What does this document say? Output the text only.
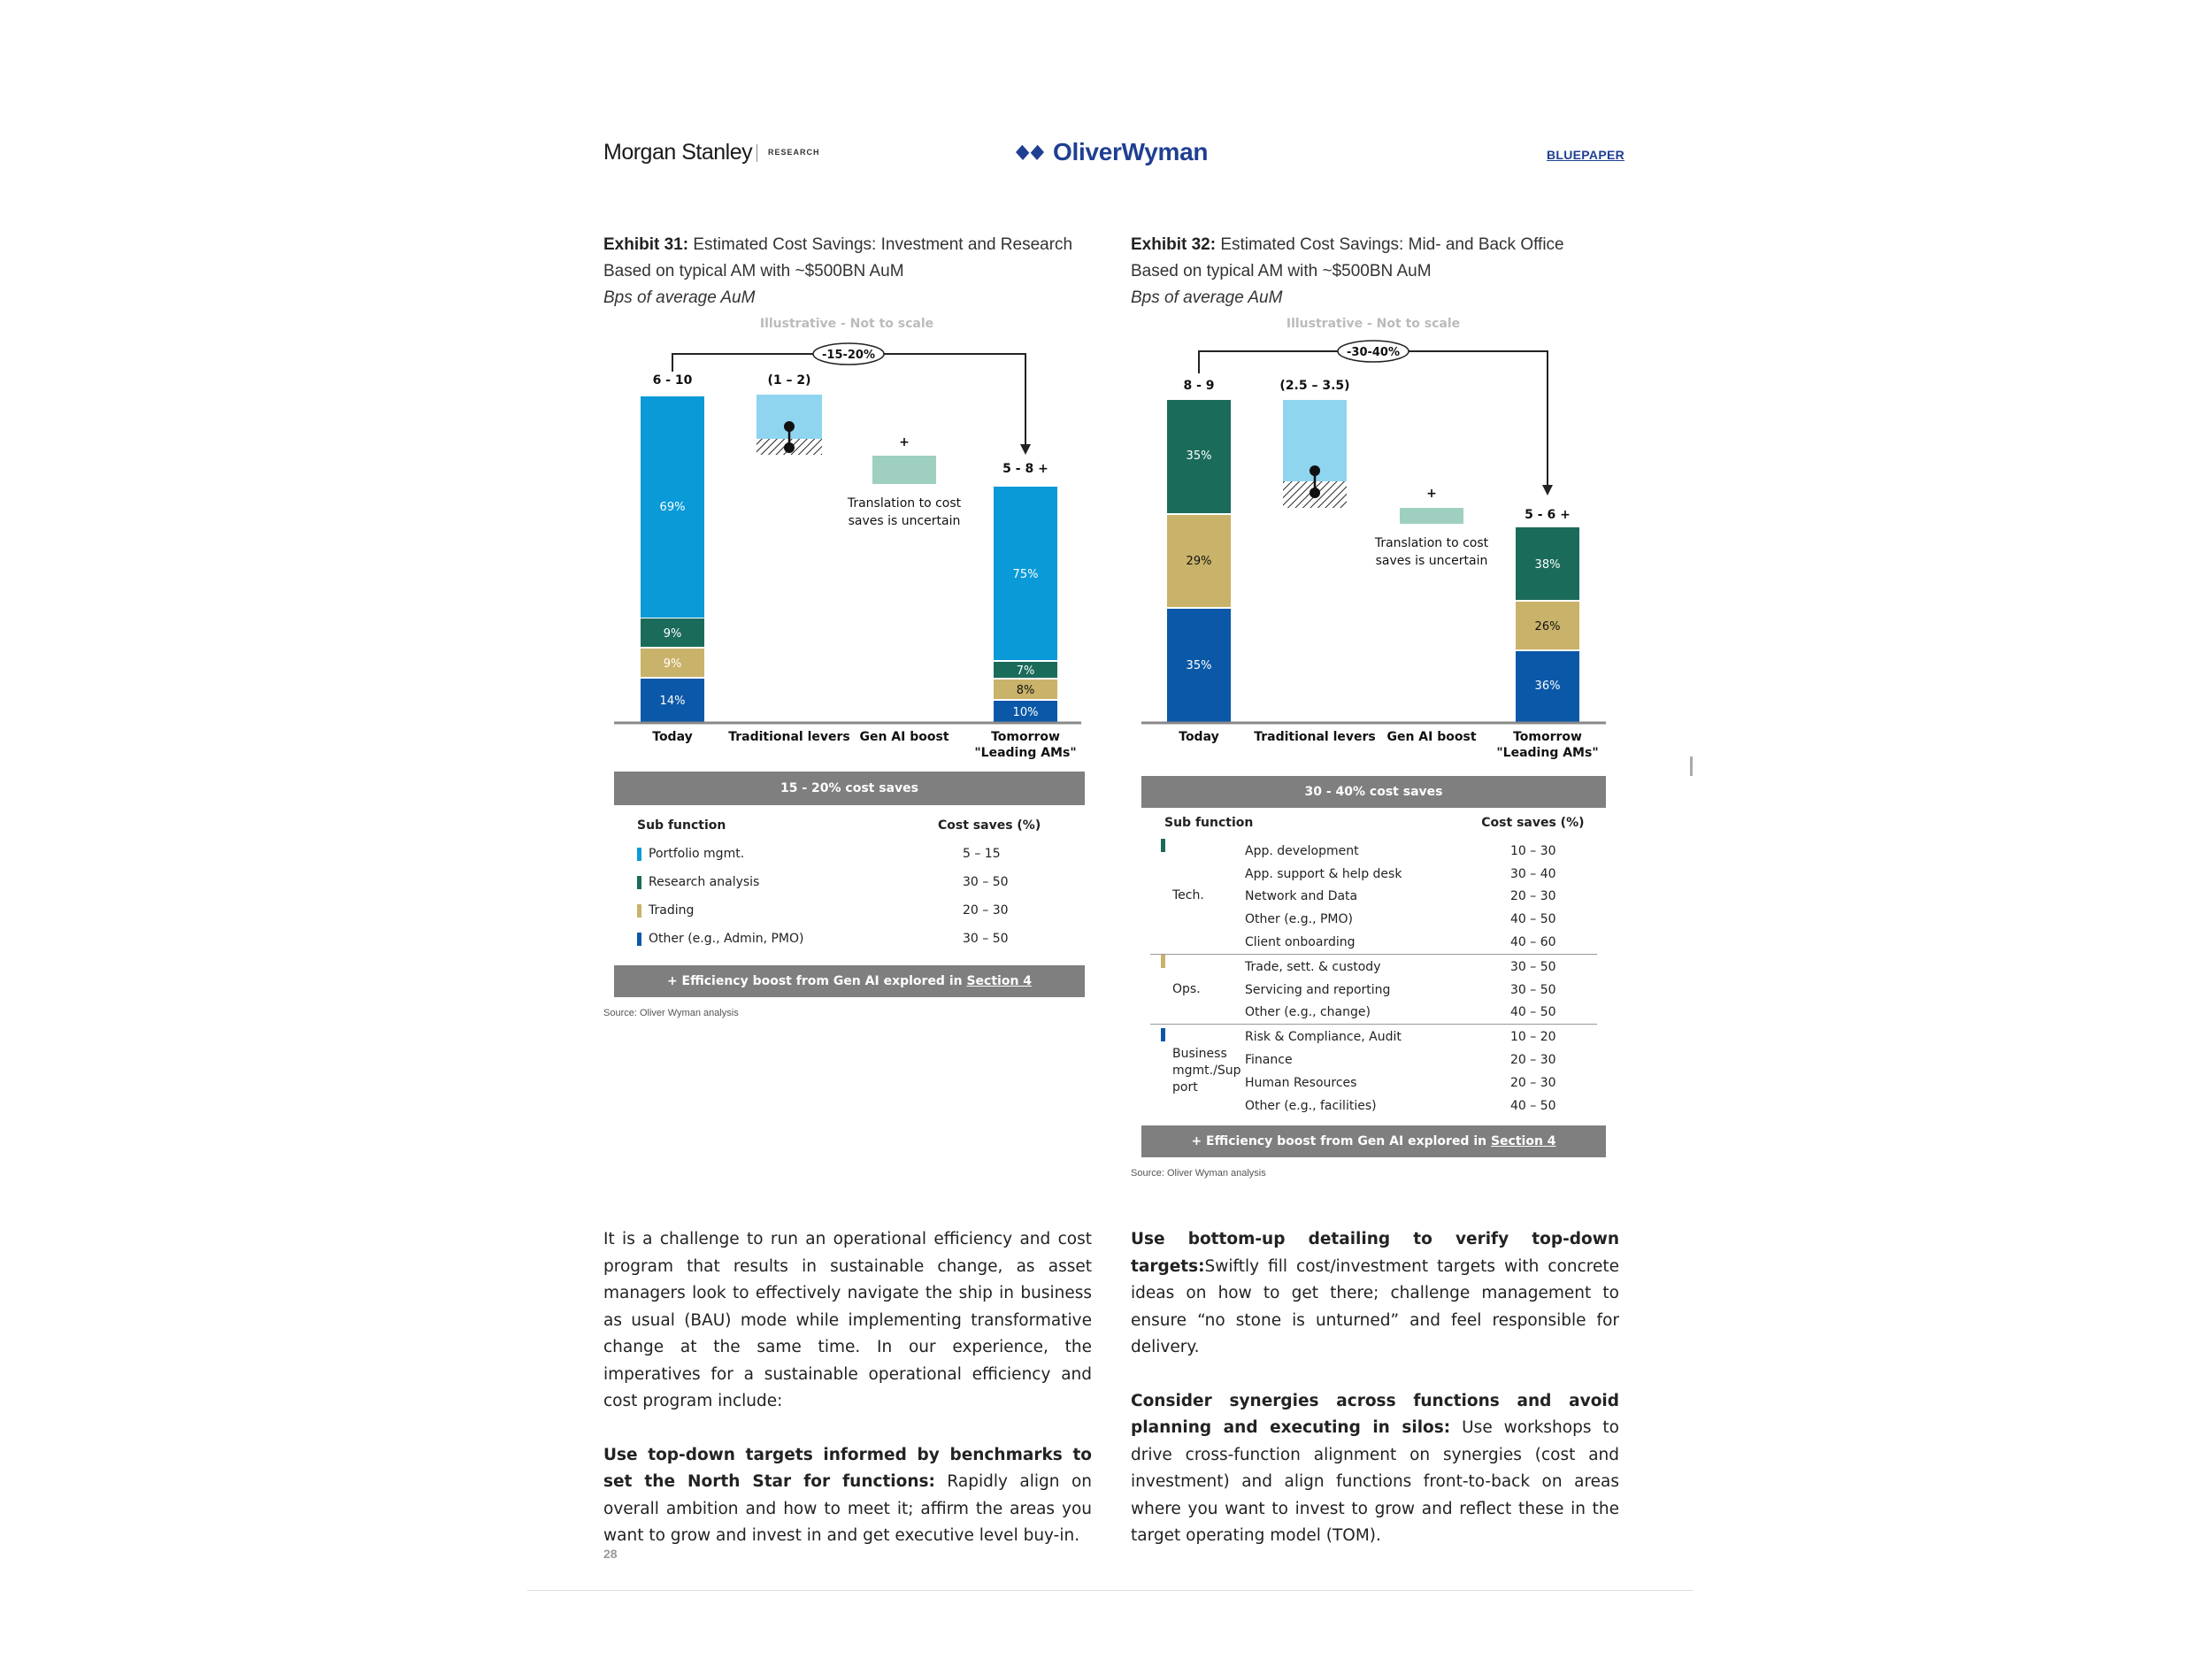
Morgan Stanley RESEARCH	OliverWyman	BLUEPAPER
Exhibit 31: Estimated Cost Savings: Investment and Research
Based on typical AM with ~$500BN AuM
Bps of average AuM
Exhibit 32: Estimated Cost Savings: Mid- and Back Office
Based on typical AM with ~$500BN AuM
Bps of average AuM
Illustrative - Not to scale
-15-20%
6 - 10	(1 – 2)
+
5 - 8 +
69%
9%
9%
14%
Translation to cost saves is uncertain
75%
7%
8%
10%
Today	Traditional levers Gen AI boost	Tomorrow "Leading AMs"
15 - 20% cost saves
Sub function	Cost saves (%)
Portfolio mgmt.	5 – 15
Research analysis	30 – 50
Trading	20 – 30
Other (e.g., Admin, PMO)	30 – 50
+ Efficiency boost from Gen AI explored in Section 4
Source: Oliver Wyman analysis
Illustrative - Not to scale
-30-40%
8 - 9	(2.5 – 3.5)
+
5 - 6 +
35%
29%
35%
Translation to cost saves is uncertain	38%
26%
36%
Today	Traditional levers Gen AI boost	Tomorrow "Leading AMs"
30 - 40% cost saves
Sub function	Cost saves (%)
Tech.
App. development	10 – 30
App. support & help desk	30 – 40
Network and Data	20 – 30
Other (e.g., PMO)	40 – 50
Client onboarding	40 – 60
Ops.
Trade, sett. & custody	30 – 50
Servicing and reporting	30 – 50
Other (e.g., change)	40 – 50
Business mgmt./Sup port
Risk & Compliance, Audit	10 – 20
Finance	20 – 30
Human Resources	20 – 30
Other (e.g., facilities)	40 – 50
+ Efficiency boost from Gen AI explored in Section 4
Source: Oliver Wyman analysis

It is a challenge to run an operational efficiency and cost program that results in sustainable change, as asset managers look to effectively navigate the ship in business as usual (BAU) mode while implementing transformative change at the same time. In our experience, the imperatives for a sustainable operational efficiency and cost program include:

Use top-down targets informed by benchmarks to set the North Star for functions: Rapidly align on overall ambition and how to meet it; affirm the areas you want to grow and invest in and get executive level buy-in.

Use bottom-up detailing to verify top-down targets:Swiftly fill cost/investment targets with concrete ideas on how to get there; challenge management to ensure “no stone is unturned” and feel responsible for delivery.

Consider synergies across functions and avoid planning and executing in silos: Use workshops to drive cross-function alignment on synergies (cost and investment) and align functions front-to-back on areas where you want to invest to grow and reflect these in the target operating model (TOM).

28
